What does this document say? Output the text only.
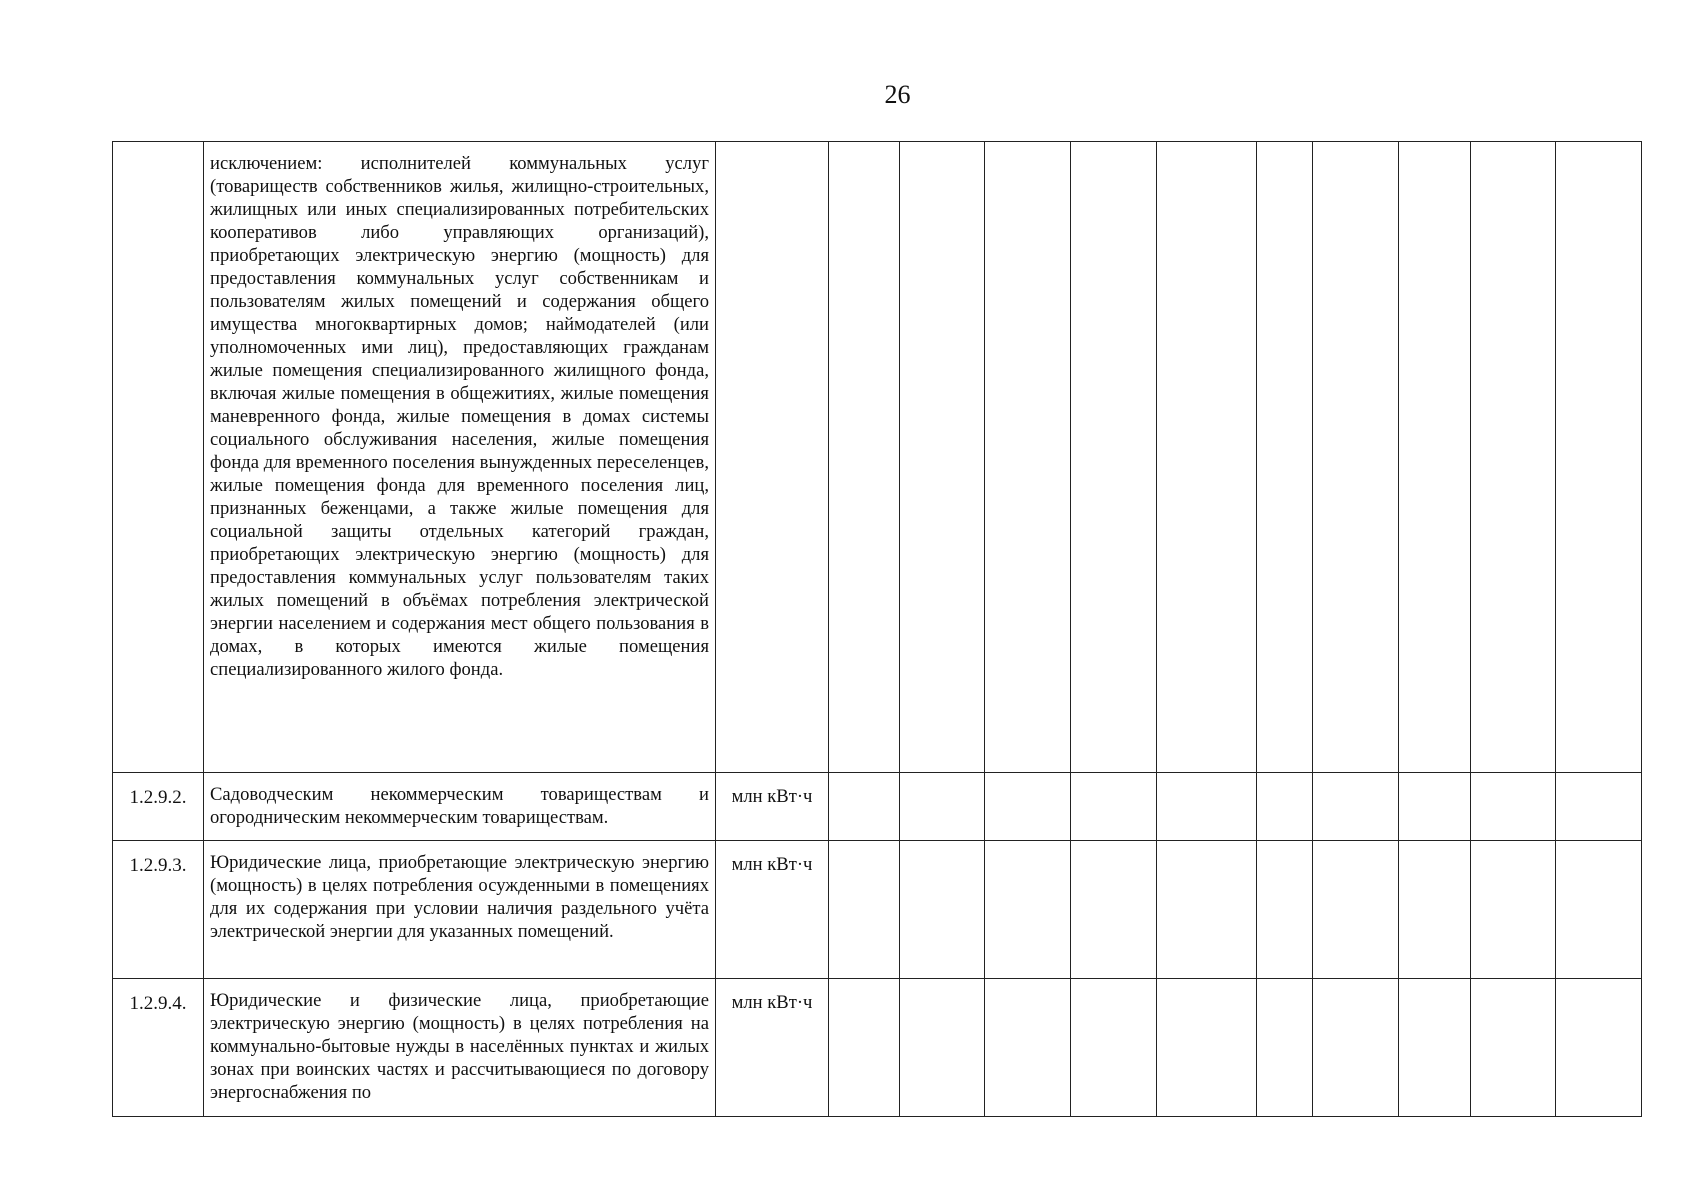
26
	исключением: исполнителей коммунальных услуг (товариществ собственников жилья, жилищно-строительных, жилищных или иных специализированных потребительских кооперативов либо управляющих организаций), приобретающих электрическую энергию (мощность) для предоставления коммунальных услуг собственникам и пользователям жилых помещений и содержания общего имущества многоквартирных домов; наймодателей (или уполномоченных ими лиц), предоставляющих гражданам жилые помещения специализированного жилищного фонда, включая жилые помещения в общежитиях, жилые помещения маневренного фонда, жилые помещения в домах системы социального обслуживания населения, жилые помещения фонда для временного поселения вынужденных переселенцев, жилые помещения фонда для временного поселения лиц, признанных беженцами, а также жилые помещения для социальной защиты отдельных категорий граждан, приобретающих электрическую энергию (мощность) для предоставления коммунальных услуг пользователям таких жилых помещений в объёмах потребления электрической энергии населением и содержания мест общего пользования в домах, в которых имеются жилые помещения специализированного жилого фонда.											
1.2.9.2.	Садоводческим некоммерческим товариществам и огородническим некоммерческим товариществам.	млн кВт·ч										
1.2.9.3.	Юридические лица, приобретающие электрическую энергию (мощность) в целях потребления осужденными в помещениях для их содержания при условии наличия раздельного учёта электрической энергии для указанных помещений.	млн кВт·ч										
1.2.9.4.	Юридические и физические лица, приобретающие электрическую энергию (мощность) в целях потребления на коммунально-бытовые нужды в населённых пунктах и жилых зонах при воинских частях и рассчитывающиеся по договору энергоснабжения по	млн кВт·ч										
